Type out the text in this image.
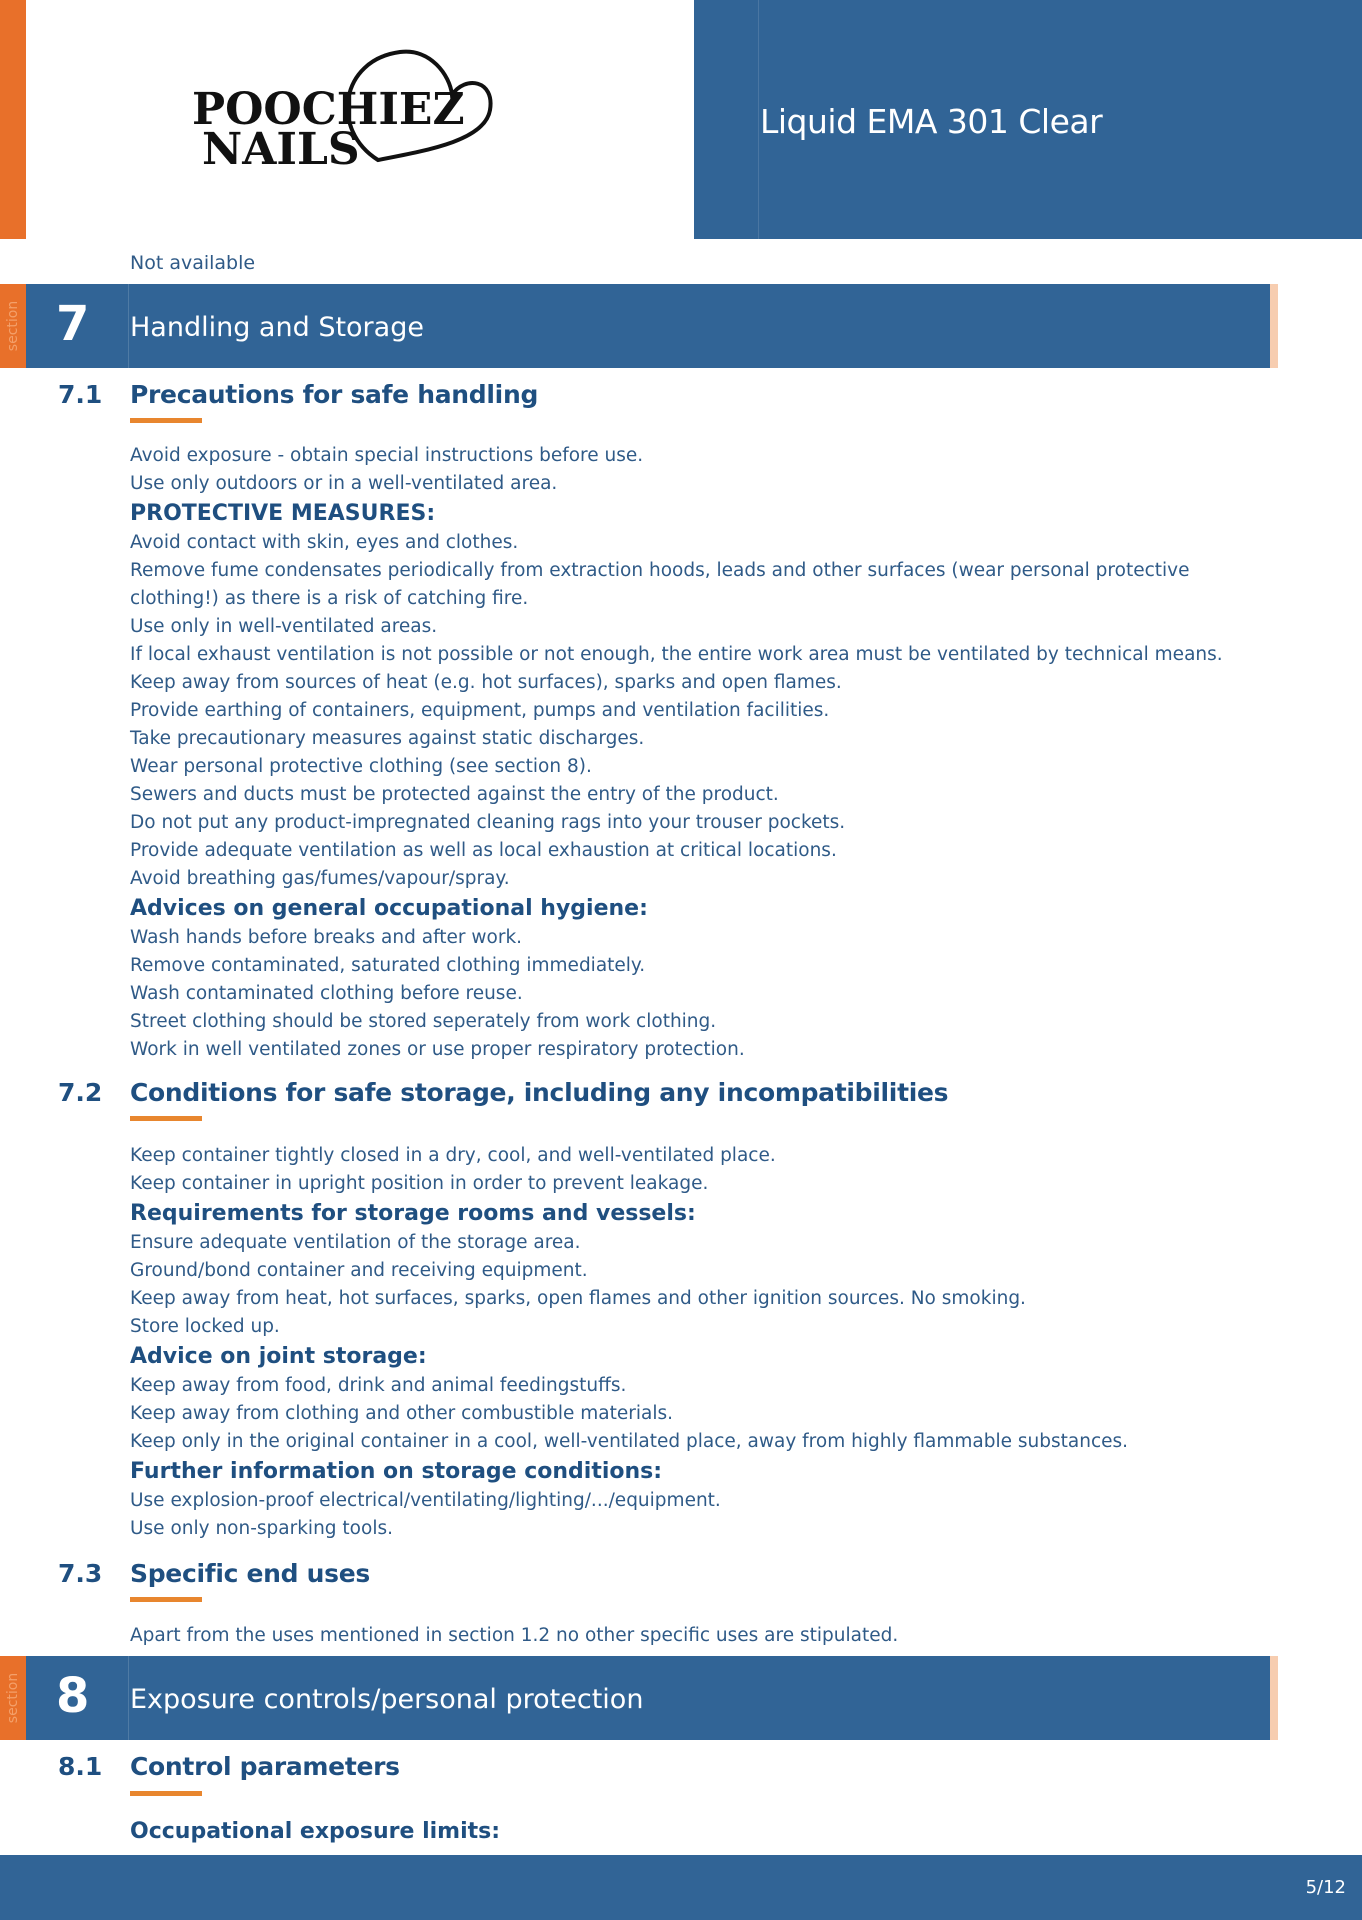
POOCHIEZ
NAILS
Liquid EMA 301 Clear
Not available
section 7 Handling and Storage
7.1 Precautions for safe handling
Avoid exposure - obtain special instructions before use.
Use only outdoors or in a well-ventilated area.
PROTECTIVE MEASURES:
Avoid contact with skin, eyes and clothes.
Remove fume condensates periodically from extraction hoods, leads and other surfaces (wear personal protective clothing!) as there is a risk of catching fire.
Use only in well-ventilated areas.
If local exhaust ventilation is not possible or not enough, the entire work area must be ventilated by technical means.
Keep away from sources of heat (e.g. hot surfaces), sparks and open flames.
Provide earthing of containers, equipment, pumps and ventilation facilities.
Take precautionary measures against static discharges.
Wear personal protective clothing (see section 8).
Sewers and ducts must be protected against the entry of the product.
Do not put any product-impregnated cleaning rags into your trouser pockets.
Provide adequate ventilation as well as local exhaustion at critical locations.
Avoid breathing gas/fumes/vapour/spray.
Advices on general occupational hygiene:
Wash hands before breaks and after work.
Remove contaminated, saturated clothing immediately.
Wash contaminated clothing before reuse.
Street clothing should be stored seperately from work clothing.
Work in well ventilated zones or use proper respiratory protection.
7.2 Conditions for safe storage, including any incompatibilities
Keep container tightly closed in a dry, cool, and well-ventilated place.
Keep container in upright position in order to prevent leakage.
Requirements for storage rooms and vessels:
Ensure adequate ventilation of the storage area.
Ground/bond container and receiving equipment.
Keep away from heat, hot surfaces, sparks, open flames and other ignition sources. No smoking.
Store locked up.
Advice on joint storage:
Keep away from food, drink and animal feedingstuffs.
Keep away from clothing and other combustible materials.
Keep only in the original container in a cool, well-ventilated place, away from highly flammable substances.
Further information on storage conditions:
Use explosion-proof electrical/ventilating/lighting/.../equipment.
Use only non-sparking tools.
7.3 Specific end uses
Apart from the uses mentioned in section 1.2 no other specific uses are stipulated.
section 8 Exposure controls/personal protection
8.1 Control parameters
Occupational exposure limits:
5/12
